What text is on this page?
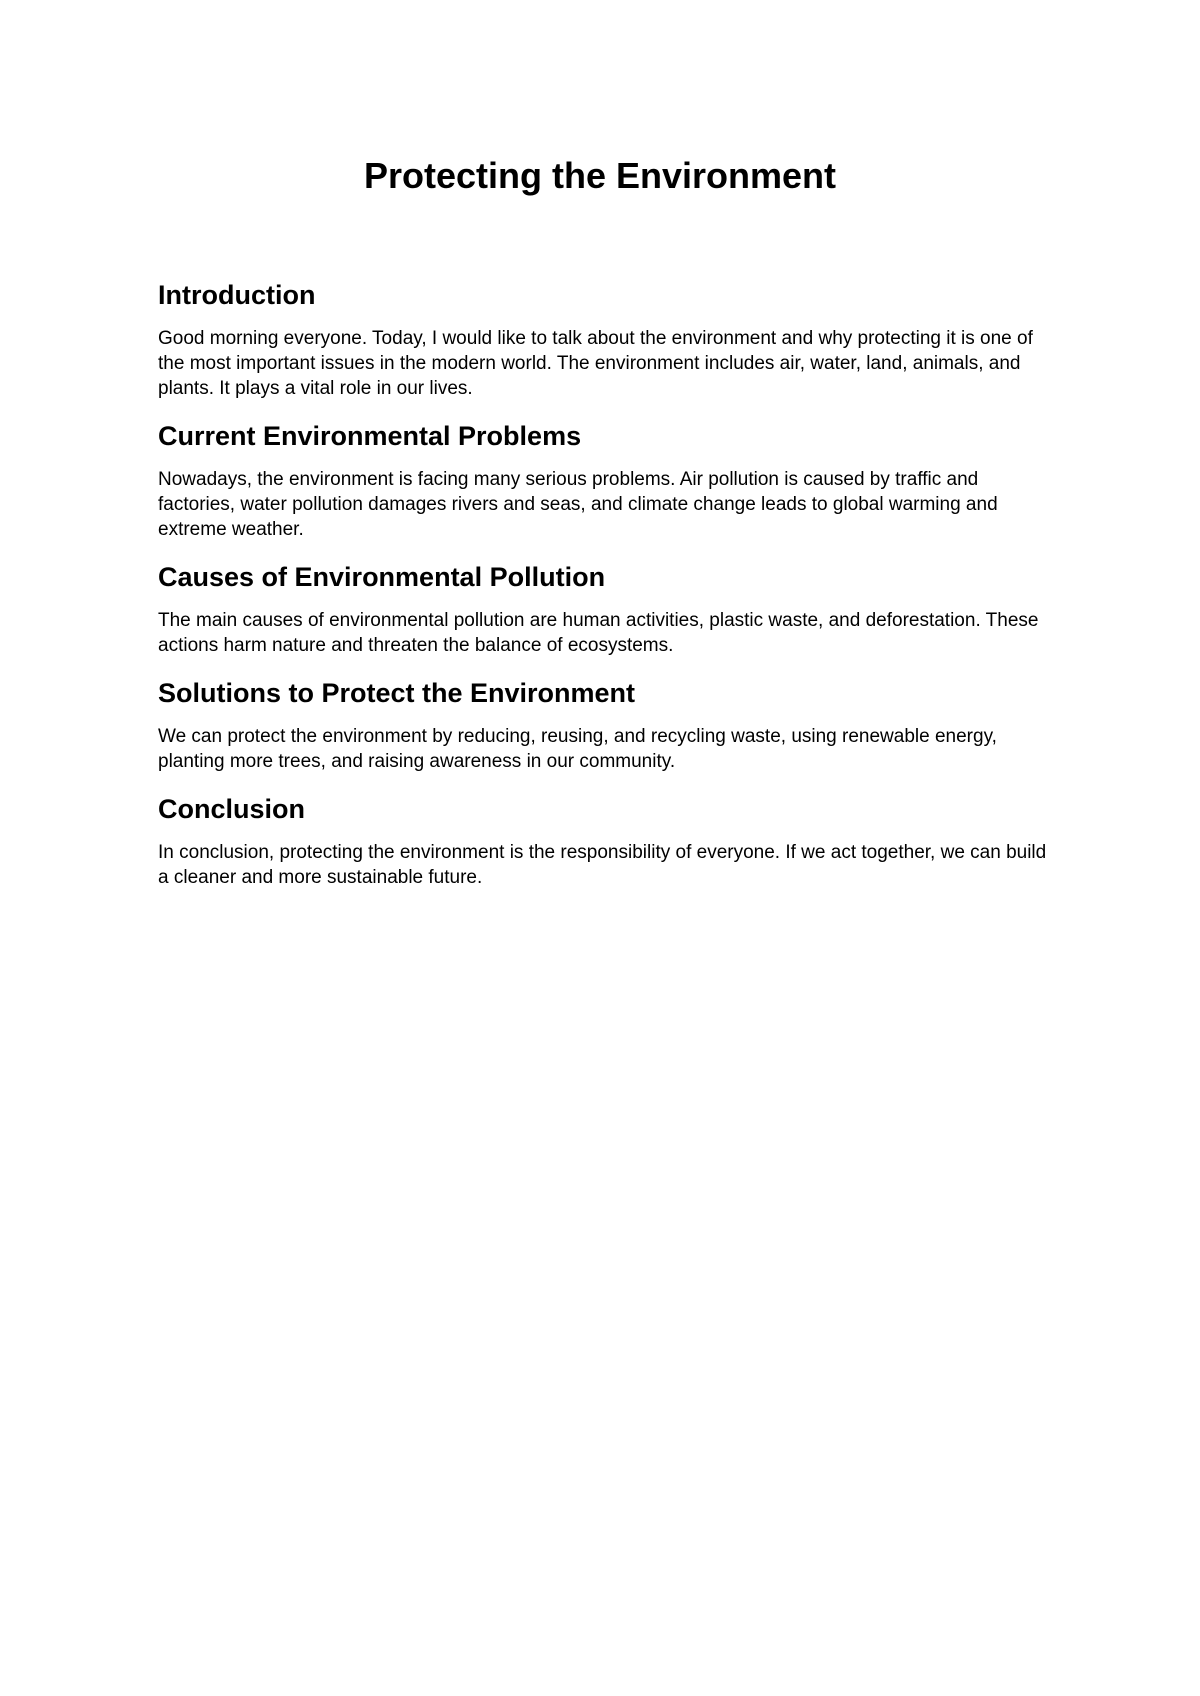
Protecting the Environment
Introduction

Good morning everyone. Today, I would like to talk about the environment and why protecting it is one of the most important issues in the modern world. The environment includes air, water, land, animals, and plants. It plays a vital role in our lives.

Current Environmental Problems

Nowadays, the environment is facing many serious problems. Air pollution is caused by traffic and factories, water pollution damages rivers and seas, and climate change leads to global warming and extreme weather.

Causes of Environmental Pollution

The main causes of environmental pollution are human activities, plastic waste, and deforestation. These actions harm nature and threaten the balance of ecosystems.

Solutions to Protect the Environment

We can protect the environment by reducing, reusing, and recycling waste, using renewable energy, planting more trees, and raising awareness in our community.

Conclusion

In conclusion, protecting the environment is the responsibility of everyone. If we act together, we can build a cleaner and more sustainable future.
